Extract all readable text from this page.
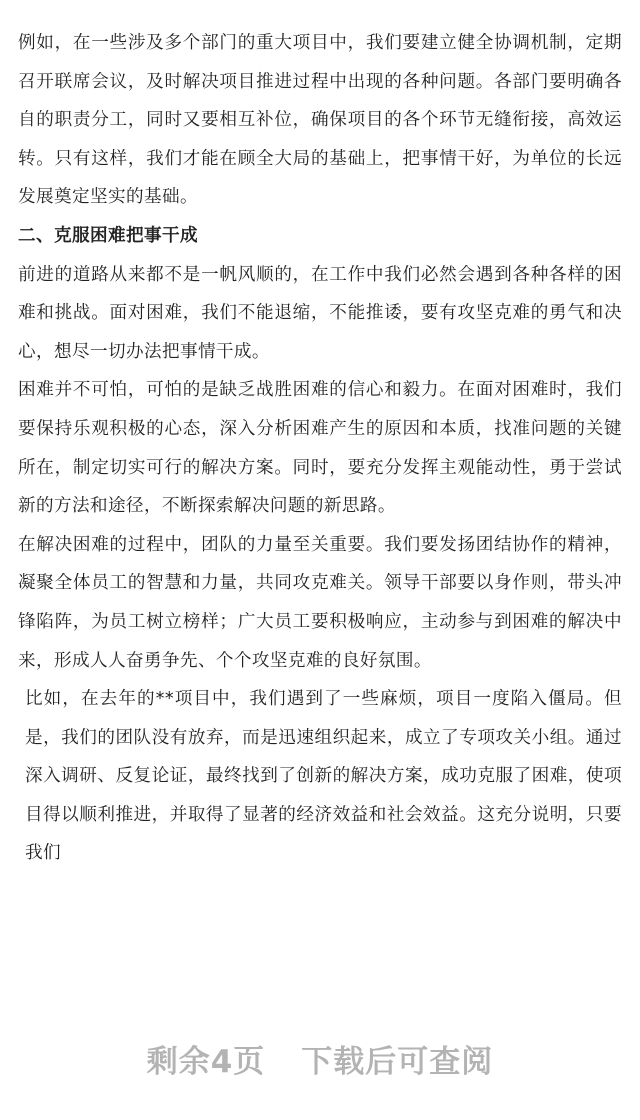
例如，在一些涉及多个部门的重大项目中，我们要建立健全协调机制，定期召开联席会议，及时解决项目推进过程中出现的各种问题。各部门要明确各自的职责分工，同时又要相互补位，确保项目的各个环节无缝衔接，高效运转。只有这样，我们才能在顾全大局的基础上，把事情干好，为单位的长远发展奠定坚实的基础。

二、克服困难把事干成

前进的道路从来都不是一帆风顺的，在工作中我们必然会遇到各种各样的困难和挑战。面对困难，我们不能退缩，不能推诿，要有攻坚克难的勇气和决心，想尽一切办法把事情干成。

困难并不可怕，可怕的是缺乏战胜困难的信心和毅力。在面对困难时，我们要保持乐观积极的心态，深入分析困难产生的原因和本质，找准问题的关键所在，制定切实可行的解决方案。同时，要充分发挥主观能动性，勇于尝试新的方法和途径，不断探索解决问题的新思路。

在解决困难的过程中，团队的力量至关重要。我们要发扬团结协作的精神，凝聚全体员工的智慧和力量，共同攻克难关。领导干部要以身作则，带头冲锋陷阵，为员工树立榜样；广大员工要积极响应，主动参与到困难的解决中来，形成人人奋勇争先、个个攻坚克难的良好氛围。

比如，在去年的**项目中，我们遇到了一些麻烦，项目一度陷入僵局。但是，我们的团队没有放弃，而是迅速组织起来，成立了专项攻关小组。通过深入调研、反复论证，最终找到了创新的解决方案，成功克服了困难，使项目得以顺利推进，并取得了显著的经济效益和社会效益。这充分说明，只要我们

剩余4页 下载后可查阅
